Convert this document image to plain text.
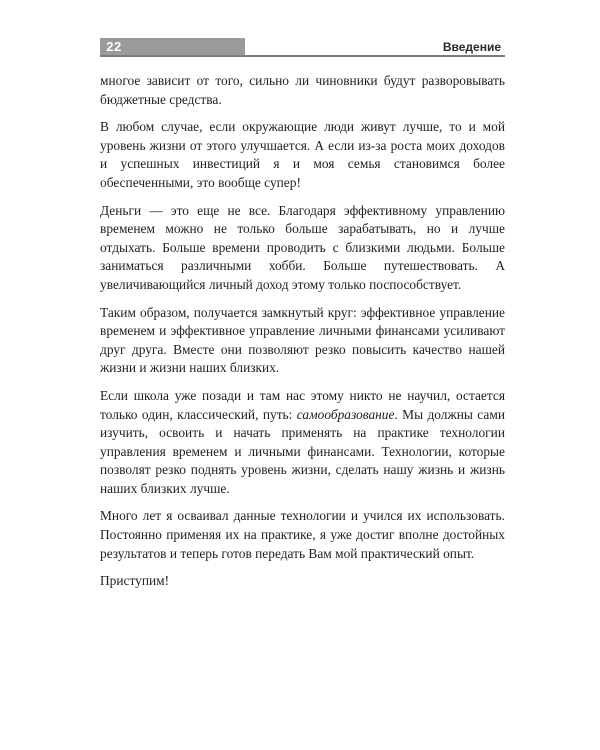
22	Введение

многое зависит от того, сильно ли чиновники будут разворовывать бюджетные средства.

В любом случае, если окружающие люди живут лучше, то и мой уровень жизни от этого улучшается. А если из-за роста моих доходов и успешных инвестиций я и моя семья становимся более обеспеченными, это вообще супер!

Деньги — это еще не все. Благодаря эффективному управлению временем можно не только больше зарабатывать, но и лучше отдыхать. Больше времени проводить с близкими людьми. Больше заниматься различными хобби. Больше путешествовать. А увеличивающийся личный доход этому только поспособствует.

Таким образом, получается замкнутый круг: эффективное управление временем и эффективное управление личными финансами усиливают друг друга. Вместе они позволяют резко повысить качество нашей жизни и жизни наших близких.

Если школа уже позади и там нас этому никто не научил, остается только один, классический, путь: самообразование. Мы должны сами изучить, освоить и начать применять на практике технологии управления временем и личными финансами. Технологии, которые позволят резко поднять уровень жизни, сделать нашу жизнь и жизнь наших близких лучше.

Много лет я осваивал данные технологии и учился их использовать. Постоянно применяя их на практике, я уже достиг вполне достойных результатов и теперь готов передать Вам мой практический опыт.

Приступим!
